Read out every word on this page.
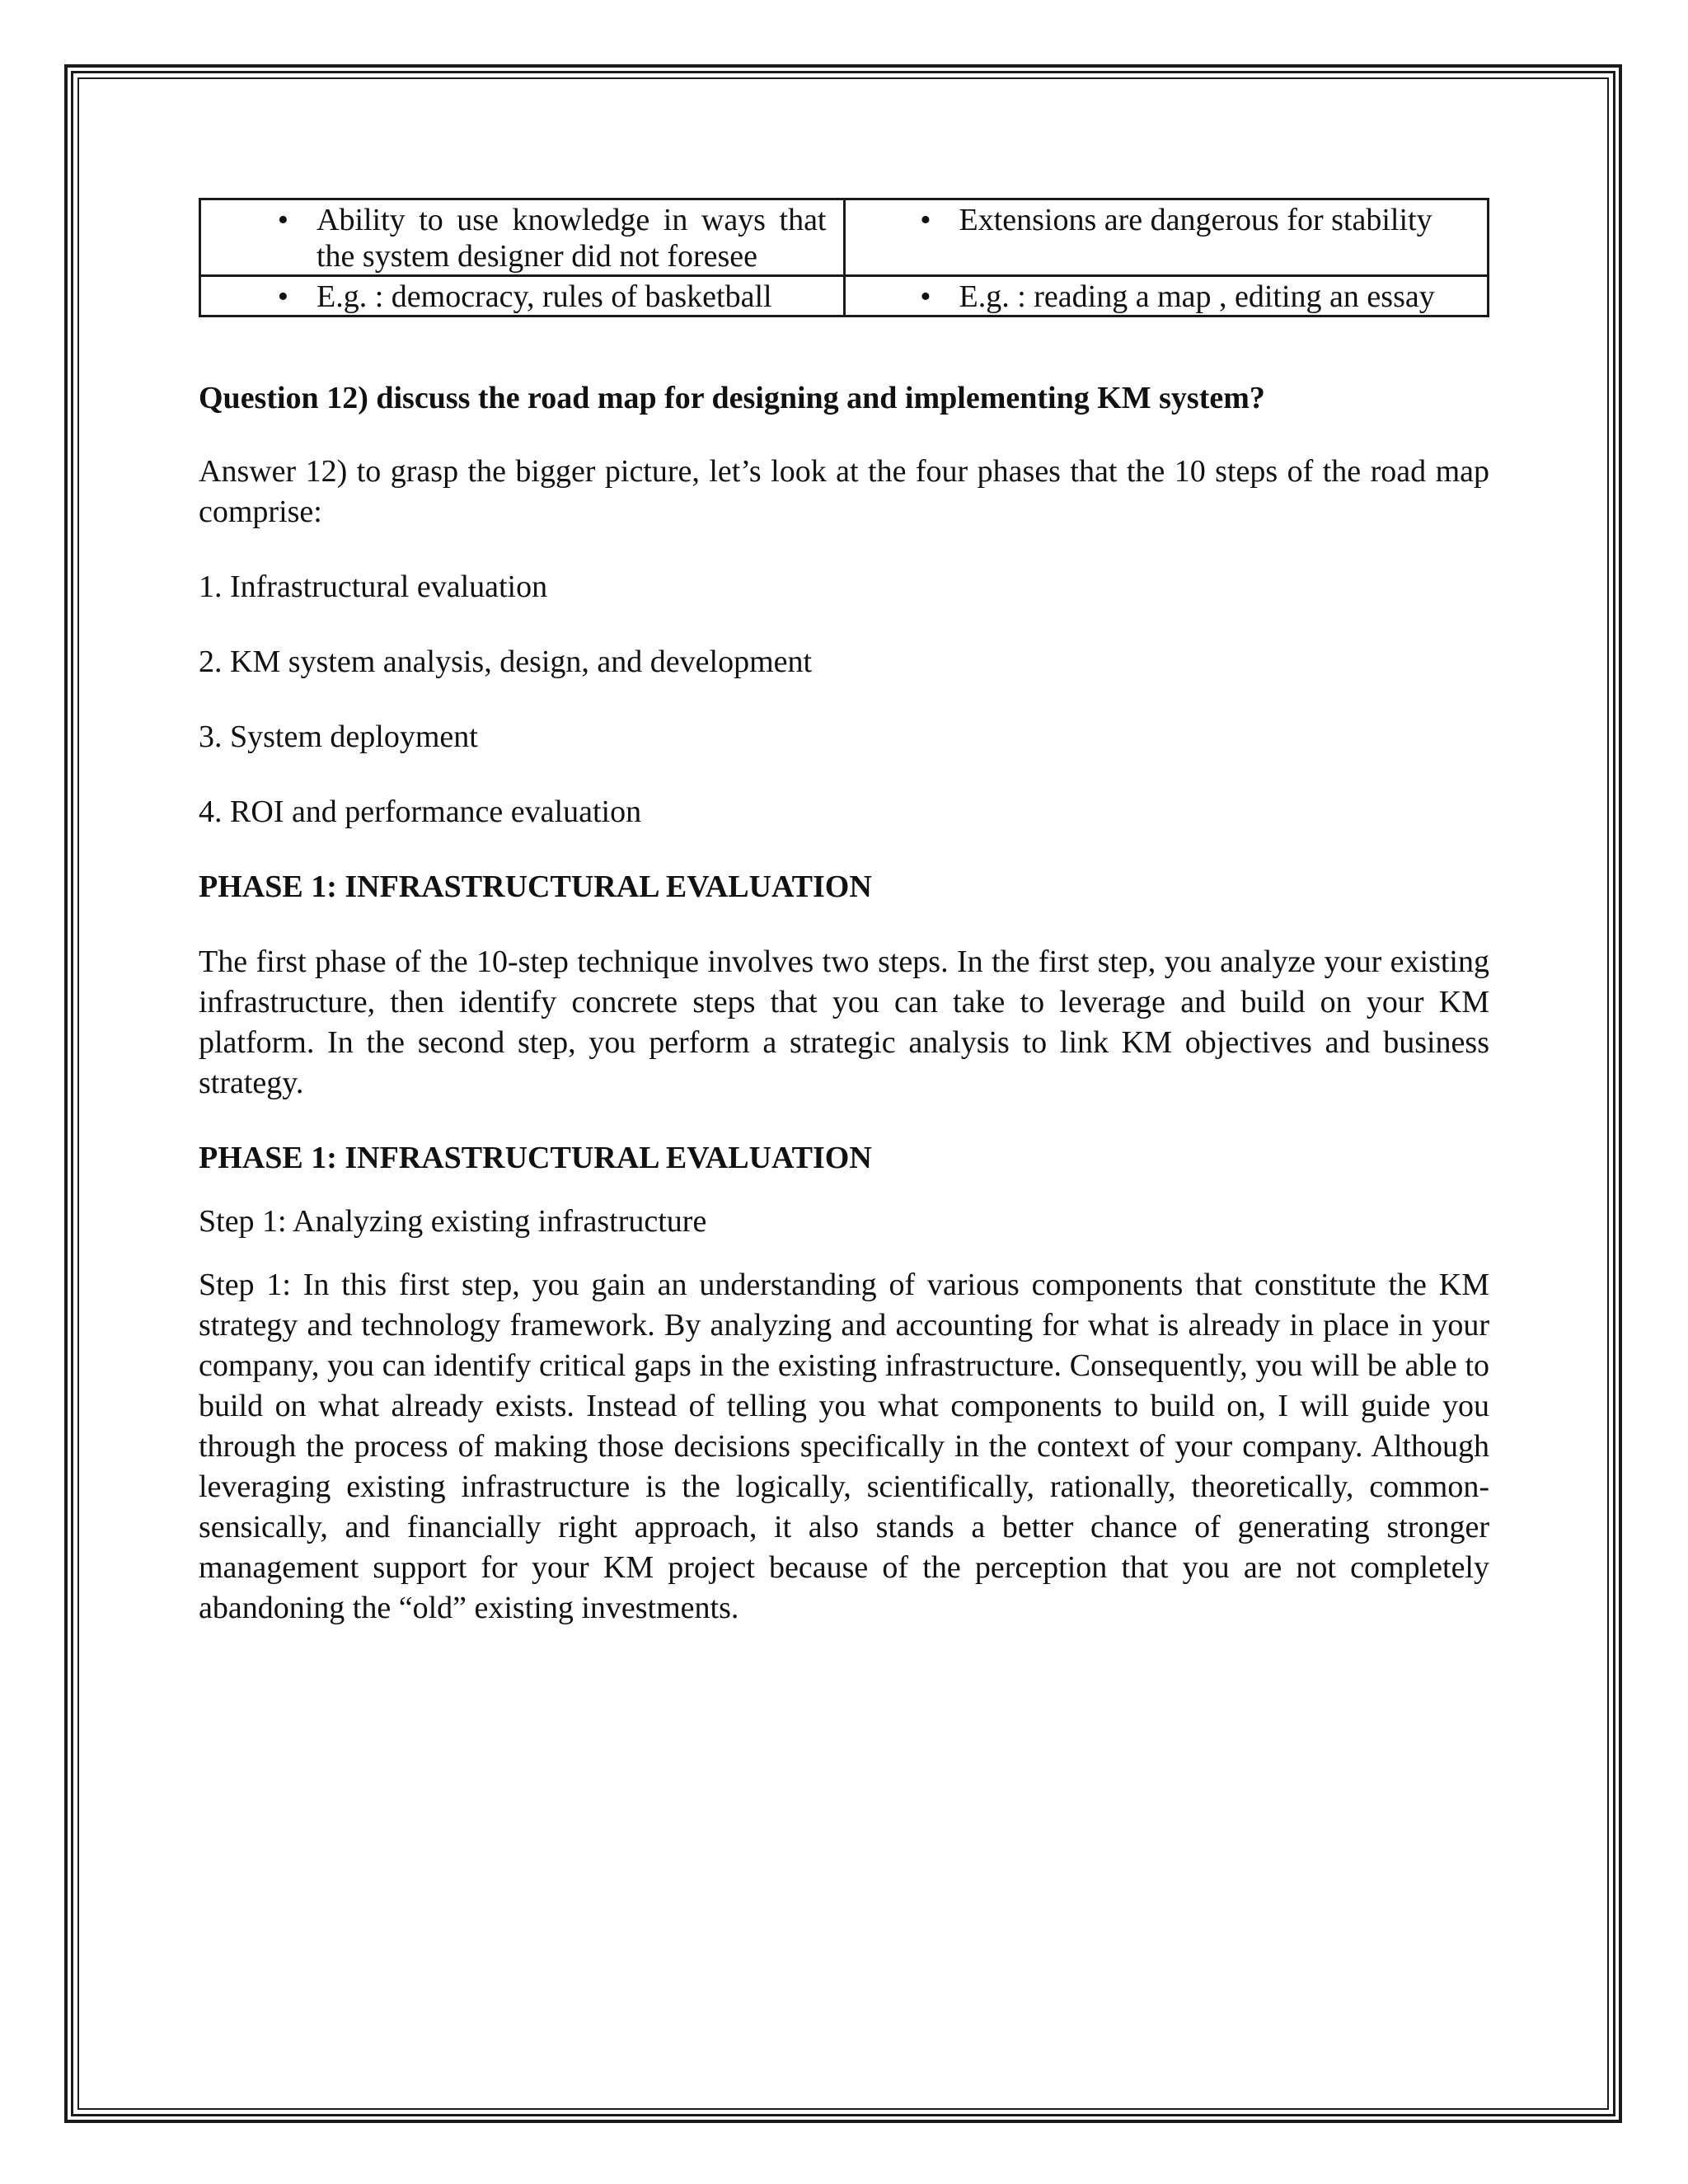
• Ability to use knowledge in ways that the system designer did not foresee	• Extensions are dangerous for stability

• E.g. : democracy, rules of basketball	• E.g. : reading a map , editing an essay
Question 12) discuss the road map for designing and implementing KM system?

Answer 12) to grasp the bigger picture, let’s look at the four phases that the 10 steps of the road map comprise:

1. Infrastructural evaluation
2. KM system analysis, design, and development
3. System deployment
4. ROI and performance evaluation
PHASE 1: INFRASTRUCTURAL EVALUATION

The first phase of the 10-step technique involves two steps. In the first step, you analyze your existing infrastructure, then identify concrete steps that you can take to leverage and build on your KM platform. In the second step, you perform a strategic analysis to link KM objectives and business strategy.

PHASE 1: INFRASTRUCTURAL EVALUATION
Step 1: Analyzing existing infrastructure

Step 1: In this first step, you gain an understanding of various components that constitute the KM strategy and technology framework. By analyzing and accounting for what is already in place in your company, you can identify critical gaps in the existing infrastructure. Consequently, you will be able to build on what already exists. Instead of telling you what components to build on, I will guide you through the process of making those decisions specifically in the context of your company. Although leveraging existing infrastructure is the logically, scientifically, rationally, theoretically, common-sensically, and financially right approach, it also stands a better chance of generating stronger management support for your KM project because of the perception that you are not completely abandoning the “old” existing investments.
